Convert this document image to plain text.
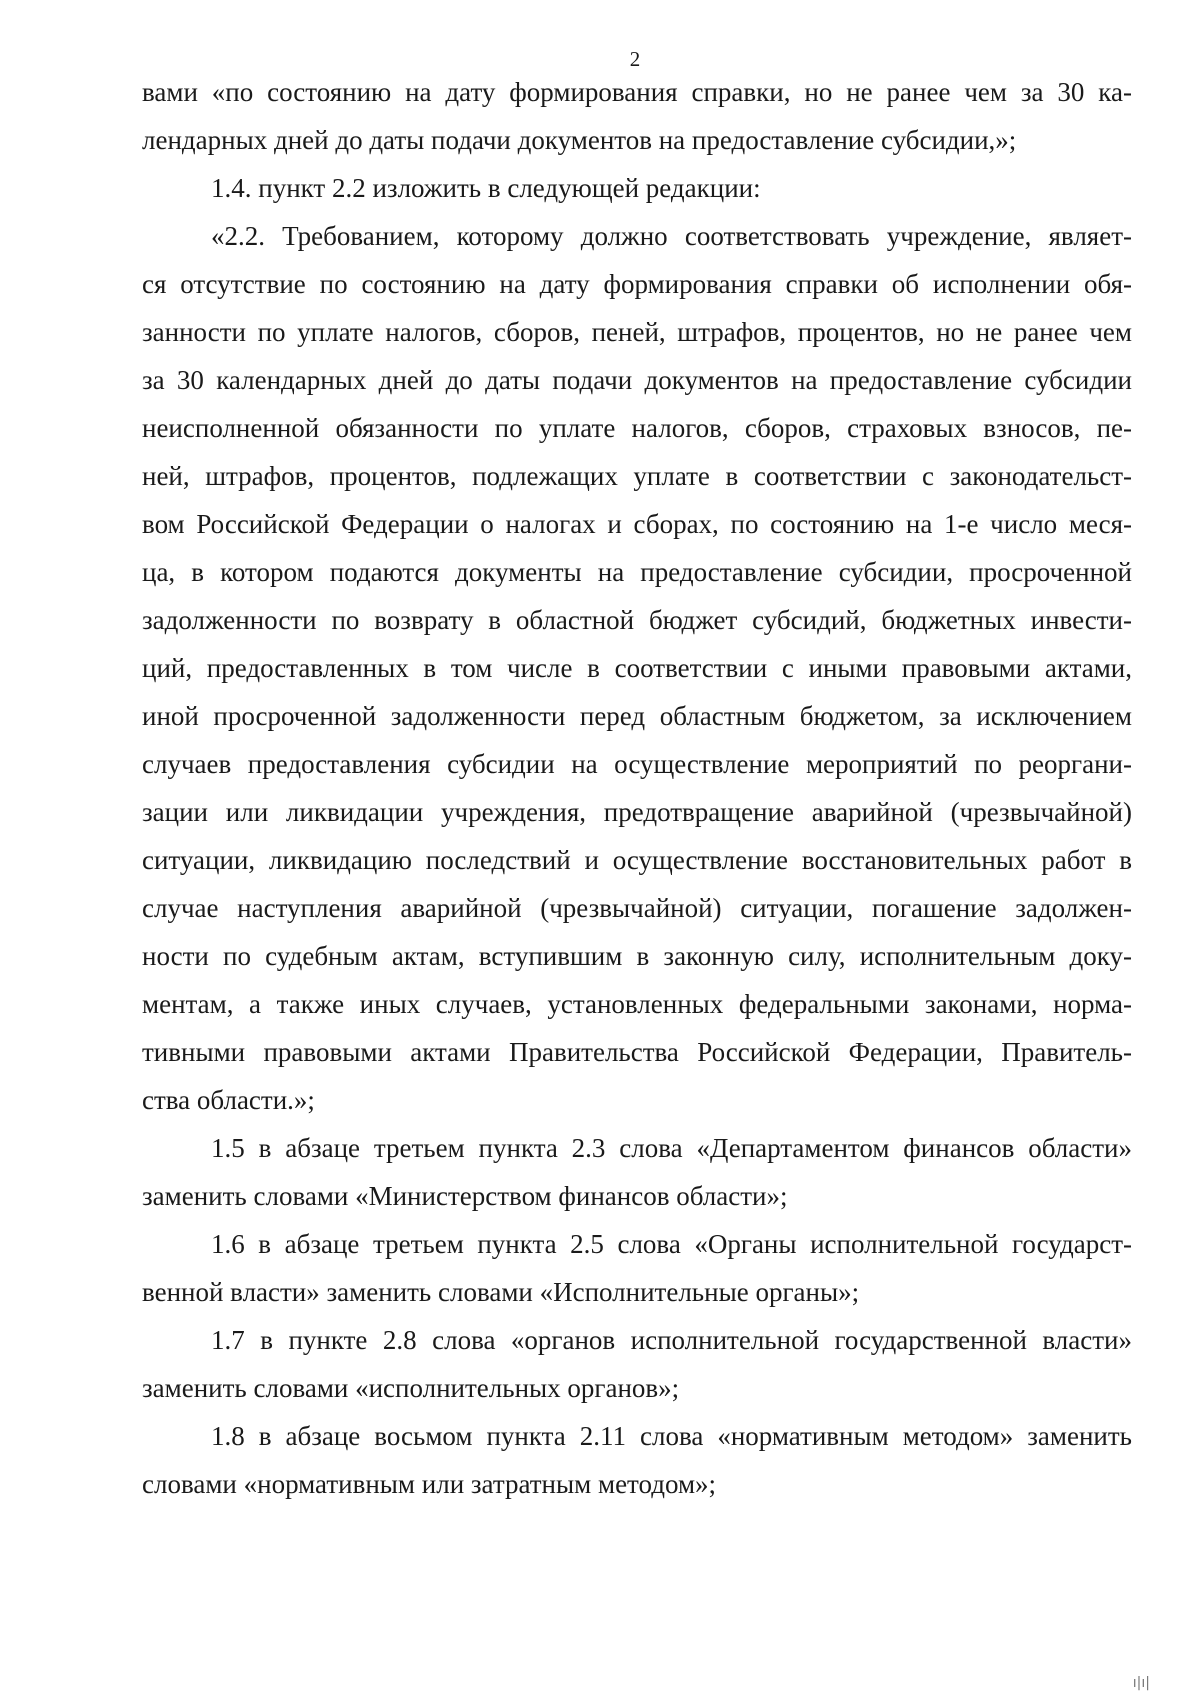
2
вами «по состоянию на дату формирования справки, но не ранее чем за 30 ка-
лендарных дней до даты подачи документов на предоставление субсидии,»;
1.4. пункт 2.2 изложить в следующей редакции:
«2.2. Требованием, которому должно соответствовать учреждение, являет-
ся отсутствие по состоянию на дату формирования справки об исполнении обя-
занности по уплате налогов, сборов, пеней, штрафов, процентов, но не ранее чем
за 30 календарных дней до даты подачи документов на предоставление субсидии
неисполненной обязанности по уплате налогов, сборов, страховых взносов, пе-
ней, штрафов, процентов, подлежащих уплате в соответствии с законодательст-
вом Российской Федерации о налогах и сборах, по состоянию на 1-е число меся-
ца, в котором подаются документы на предоставление субсидии, просроченной
задолженности по возврату в областной бюджет субсидий, бюджетных инвести-
ций, предоставленных в том числе в соответствии с иными правовыми актами,
иной просроченной задолженности перед областным бюджетом, за исключением
случаев предоставления субсидии на осуществление мероприятий по реоргани-
зации или ликвидации учреждения, предотвращение аварийной (чрезвычайной)
ситуации, ликвидацию последствий и осуществление восстановительных работ в
случае наступления аварийной (чрезвычайной) ситуации, погашение задолжен-
ности по судебным актам, вступившим в законную силу, исполнительным доку-
ментам, а также иных случаев, установленных федеральными законами, норма-
тивными правовыми актами Правительства Российской Федерации, Правитель-
ства области.»;
1.5 в абзаце третьем пункта 2.3 слова «Департаментом финансов области»
заменить словами «Министерством финансов области»;
1.6 в абзаце третьем пункта 2.5 слова «Органы исполнительной государст-
венной власти» заменить словами «Исполнительные органы»;
1.7 в пункте 2.8 слова «органов исполнительной государственной власти»
заменить словами «исполнительных органов»;
1.8 в абзаце восьмом пункта 2.11 слова «нормативным методом» заменить
словами «нормативным или затратным методом»;
ı|ı|
